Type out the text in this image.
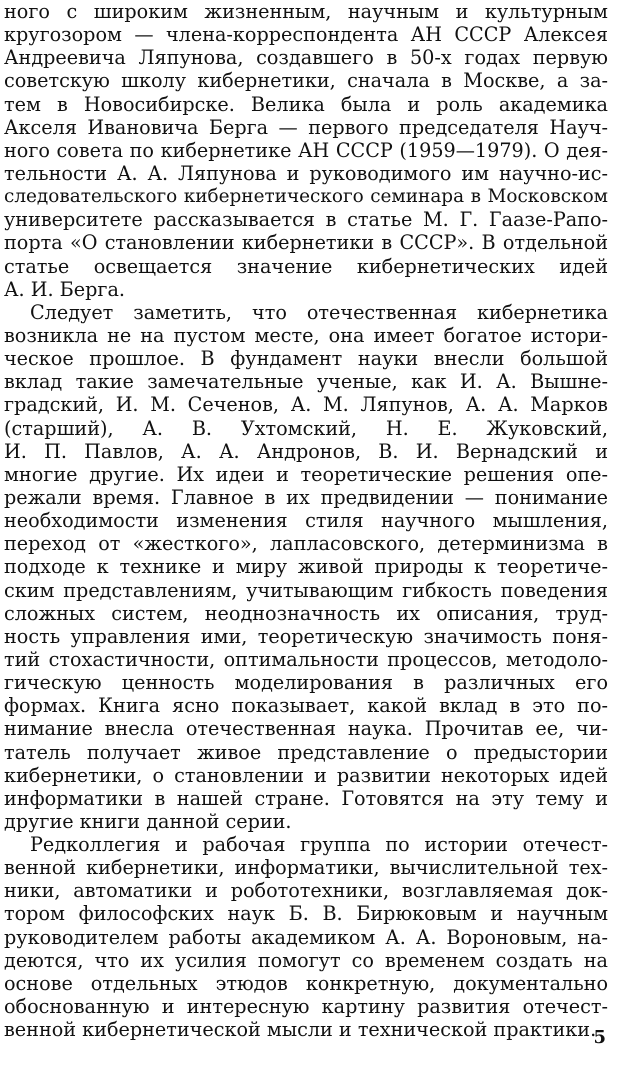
ного с широким жизненным, научным и культурным
кругозором — члена-корреспондента АН СССР Алексея
Андреевича Ляпунова, создавшего в 50-х годах первую
советскую школу кибернетики, сначала в Москве, а за-
тем в Новосибирске. Велика была и роль академика
Акселя Ивановича Берга — первого председателя Науч-
ного совета по кибернетике АН СССР (1959—1979). О дея-
тельности А. А. Ляпунова и руководимого им научно-ис-
следовательского кибернетического семинара в Московском
университете рассказывается в статье М. Г. Гаазе-Рапо-
порта «О становлении кибернетики в СССР». В отдельной
статье освещается значение кибернетических идей
А. И. Берга.
Следует заметить, что отечественная кибернетика
возникла не на пустом месте, она имеет богатое истори-
ческое прошлое. В фундамент науки внесли большой
вклад такие замечательные ученые, как И. А. Вышне-
градский, И. М. Сеченов, А. М. Ляпунов, А. А. Марков
(старший), А. В. Ухтомский, Н. Е. Жуковский,
И. П. Павлов, А. А. Андронов, В. И. Вернадский и
многие другие. Их идеи и теоретические решения опе-
режали время. Главное в их предвидении — понимание
необходимости изменения стиля научного мышления,
переход от «жесткого», лапласовского, детерминизма в
подходе к технике и миру живой природы к теоретиче-
ским представлениям, учитывающим гибкость поведения
сложных систем, неоднозначность их описания, труд-
ность управления ими, теоретическую значимость поня-
тий стохастичности, оптимальности процессов, методоло-
гическую ценность моделирования в различных его
формах. Книга ясно показывает, какой вклад в это по-
нимание внесла отечественная наука. Прочитав ее, чи-
татель получает живое представление о предыстории
кибернетики, о становлении и развитии некоторых идей
информатики в нашей стране. Готовятся на эту тему и
другие книги данной серии.
Редколлегия и рабочая группа по истории отечест-
венной кибернетики, информатики, вычислительной тех-
ники, автоматики и робототехники, возглавляемая док-
тором философских наук Б. В. Бирюковым и научным
руководителем работы академиком А. А. Вороновым, на-
деются, что их усилия помогут со временем создать на
основе отдельных этюдов конкретную, документально
обоснованную и интересную картину развития отечест-
венной кибернетической мысли и технической практики.
5
